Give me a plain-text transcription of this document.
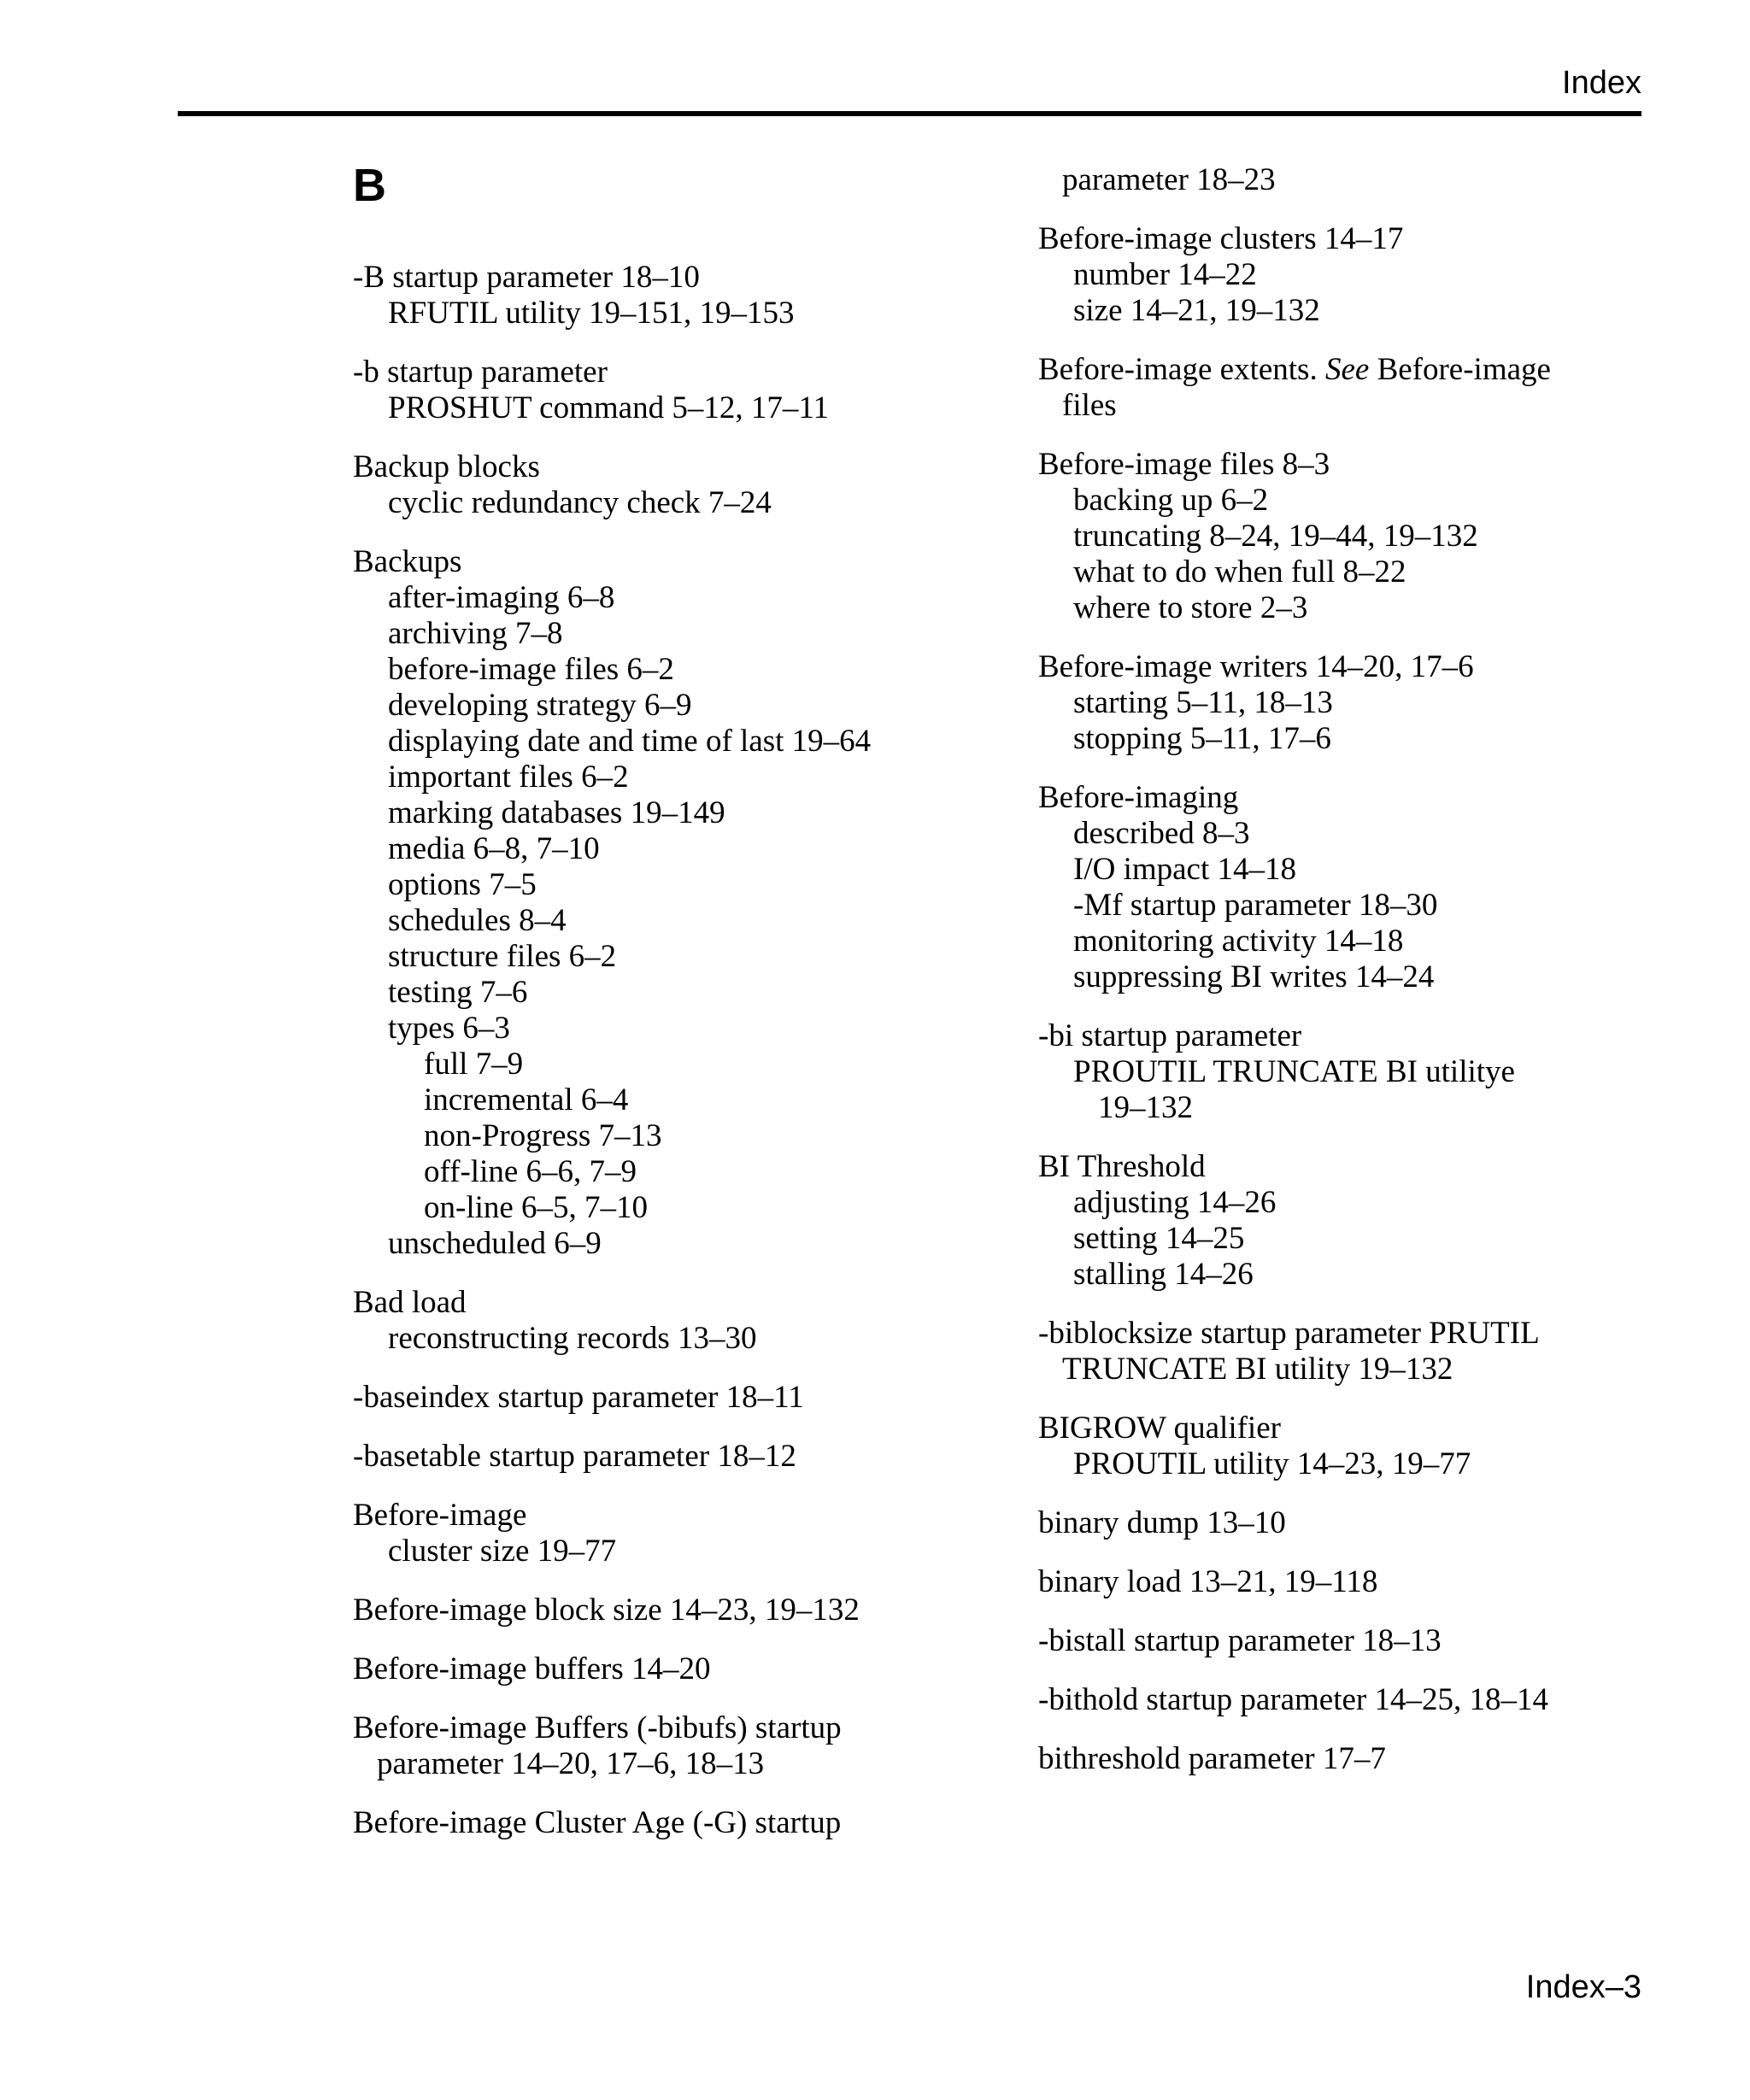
Index
B
-B startup parameter 18–10
RFUTIL utility 19–151, 19–153
-b startup parameter
PROSHUT command 5–12, 17–11
Backup blocks
cyclic redundancy check 7–24
Backups
after-imaging 6–8
archiving 7–8
before-image files 6–2
developing strategy 6–9
displaying date and time of last 19–64
important files 6–2
marking databases 19–149
media 6–8, 7–10
options 7–5
schedules 8–4
structure files 6–2
testing 7–6
types 6–3
full 7–9
incremental 6–4
non-Progress 7–13
off-line 6–6, 7–9
on-line 6–5, 7–10
unscheduled 6–9
Bad load
reconstructing records 13–30
-baseindex startup parameter 18–11
-basetable startup parameter 18–12
Before-image
cluster size 19–77
Before-image block size 14–23, 19–132
Before-image buffers 14–20
Before-image Buffers (-bibufs) startup
parameter 14–20, 17–6, 18–13
Before-image Cluster Age (-G) startup
parameter 18–23
Before-image clusters 14–17
number 14–22
size 14–21, 19–132
Before-image extents. See Before-image
files
Before-image files 8–3
backing up 6–2
truncating 8–24, 19–44, 19–132
what to do when full 8–22
where to store 2–3
Before-image writers 14–20, 17–6
starting 5–11, 18–13
stopping 5–11, 17–6
Before-imaging
described 8–3
I/O impact 14–18
-Mf startup parameter 18–30
monitoring activity 14–18
suppressing BI writes 14–24
-bi startup parameter
PROUTIL TRUNCATE BI utilitye
19–132
BI Threshold
adjusting 14–26
setting 14–25
stalling 14–26
-biblocksize startup parameter PRUTIL
TRUNCATE BI utility 19–132
BIGROW qualifier
PROUTIL utility 14–23, 19–77
binary dump 13–10
binary load 13–21, 19–118
-bistall startup parameter 18–13
-bithold startup parameter 14–25, 18–14
bithreshold parameter 17–7
Index–3
